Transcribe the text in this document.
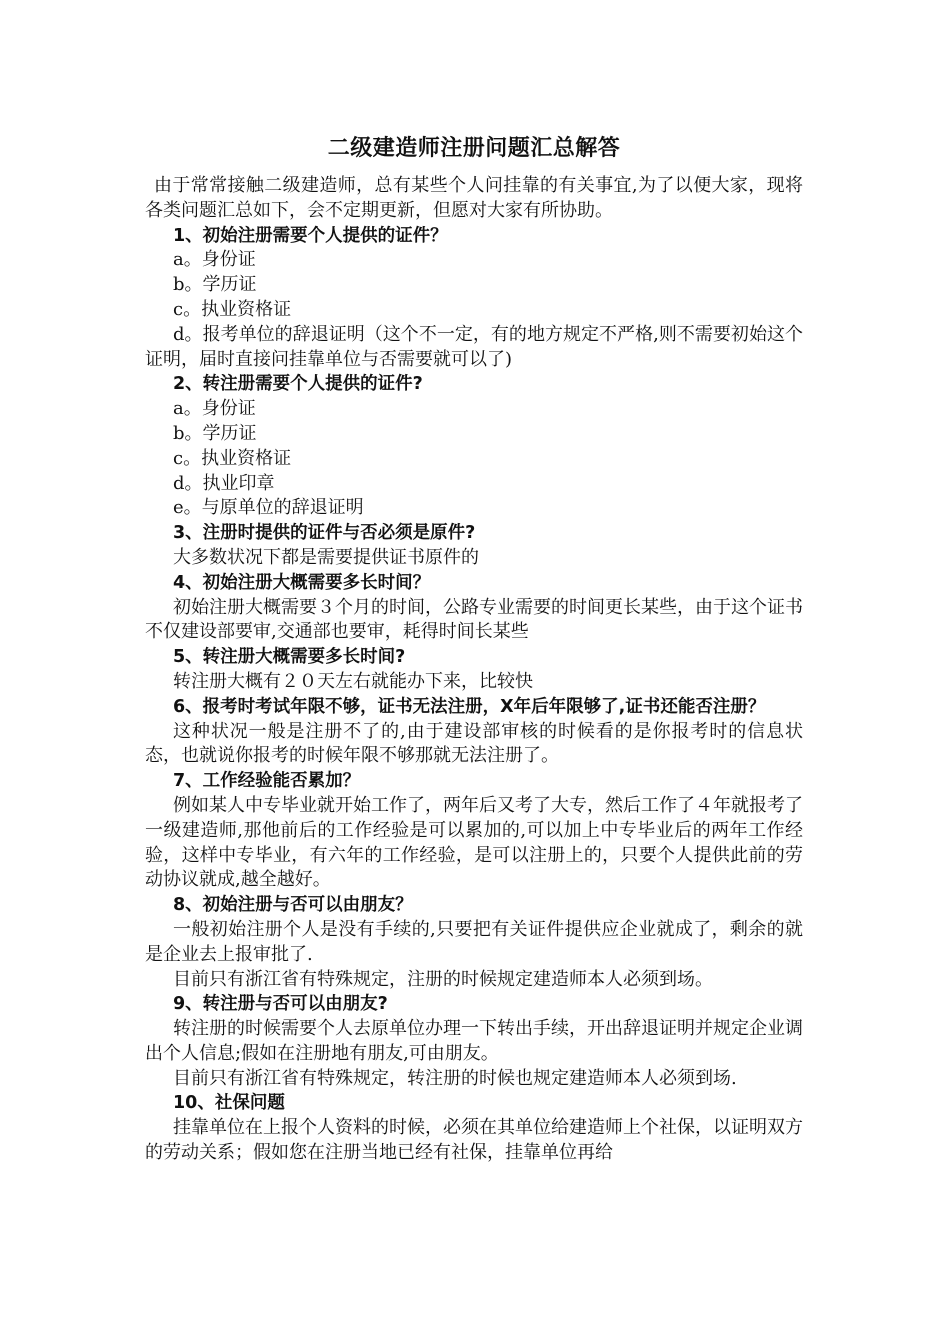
二级建造师注册问题汇总解答

由于常常接触二级建造师，总有某些个人问挂靠的有关事宜,为了以便大家，现将各类问题汇总如下，会不定期更新，但愿对大家有所协助。

1、初始注册需要个人提供的证件？

a。身份证

b。学历证

c。执业资格证

d。报考单位的辞退证明（这个不一定，有的地方规定不严格,则不需要初始这个证明，届时直接问挂靠单位与否需要就可以了)

2、转注册需要个人提供的证件?

a。身份证

b。学历证

c。执业资格证

d。执业印章

e。与原单位的辞退证明

3、注册时提供的证件与否必须是原件?

大多数状况下都是需要提供证书原件的

4、初始注册大概需要多长时间？

初始注册大概需要３个月的时间，公路专业需要的时间更长某些，由于这个证书不仅建设部要审,交通部也要审，耗得时间长某些

5、转注册大概需要多长时间?

转注册大概有２０天左右就能办下来，比较快

6、报考时考试年限不够，证书无法注册，X年后年限够了,证书还能否注册？

这种状况一般是注册不了的,由于建设部审核的时候看的是你报考时的信息状态，也就说你报考的时候年限不够那就无法注册了。

7、工作经验能否累加？

例如某人中专毕业就开始工作了，两年后又考了大专，然后工作了４年就报考了一级建造师,那他前后的工作经验是可以累加的,可以加上中专毕业后的两年工作经验，这样中专毕业，有六年的工作经验，是可以注册上的，只要个人提供此前的劳动协议就成,越全越好。

8、初始注册与否可以由朋友？

一般初始注册个人是没有手续的,只要把有关证件提供应企业就成了，剩余的就是企业去上报审批了.

目前只有浙江省有特殊规定，注册的时候规定建造师本人必须到场。

9、转注册与否可以由朋友?

转注册的时候需要个人去原单位办理一下转出手续，开出辞退证明并规定企业调出个人信息;假如在注册地有朋友,可由朋友。

目前只有浙江省有特殊规定，转注册的时候也规定建造师本人必须到场.

10、社保问题

挂靠单位在上报个人资料的时候，必须在其单位给建造师上个社保，以证明双方的劳动关系；假如您在注册当地已经有社保，挂靠单位再给
